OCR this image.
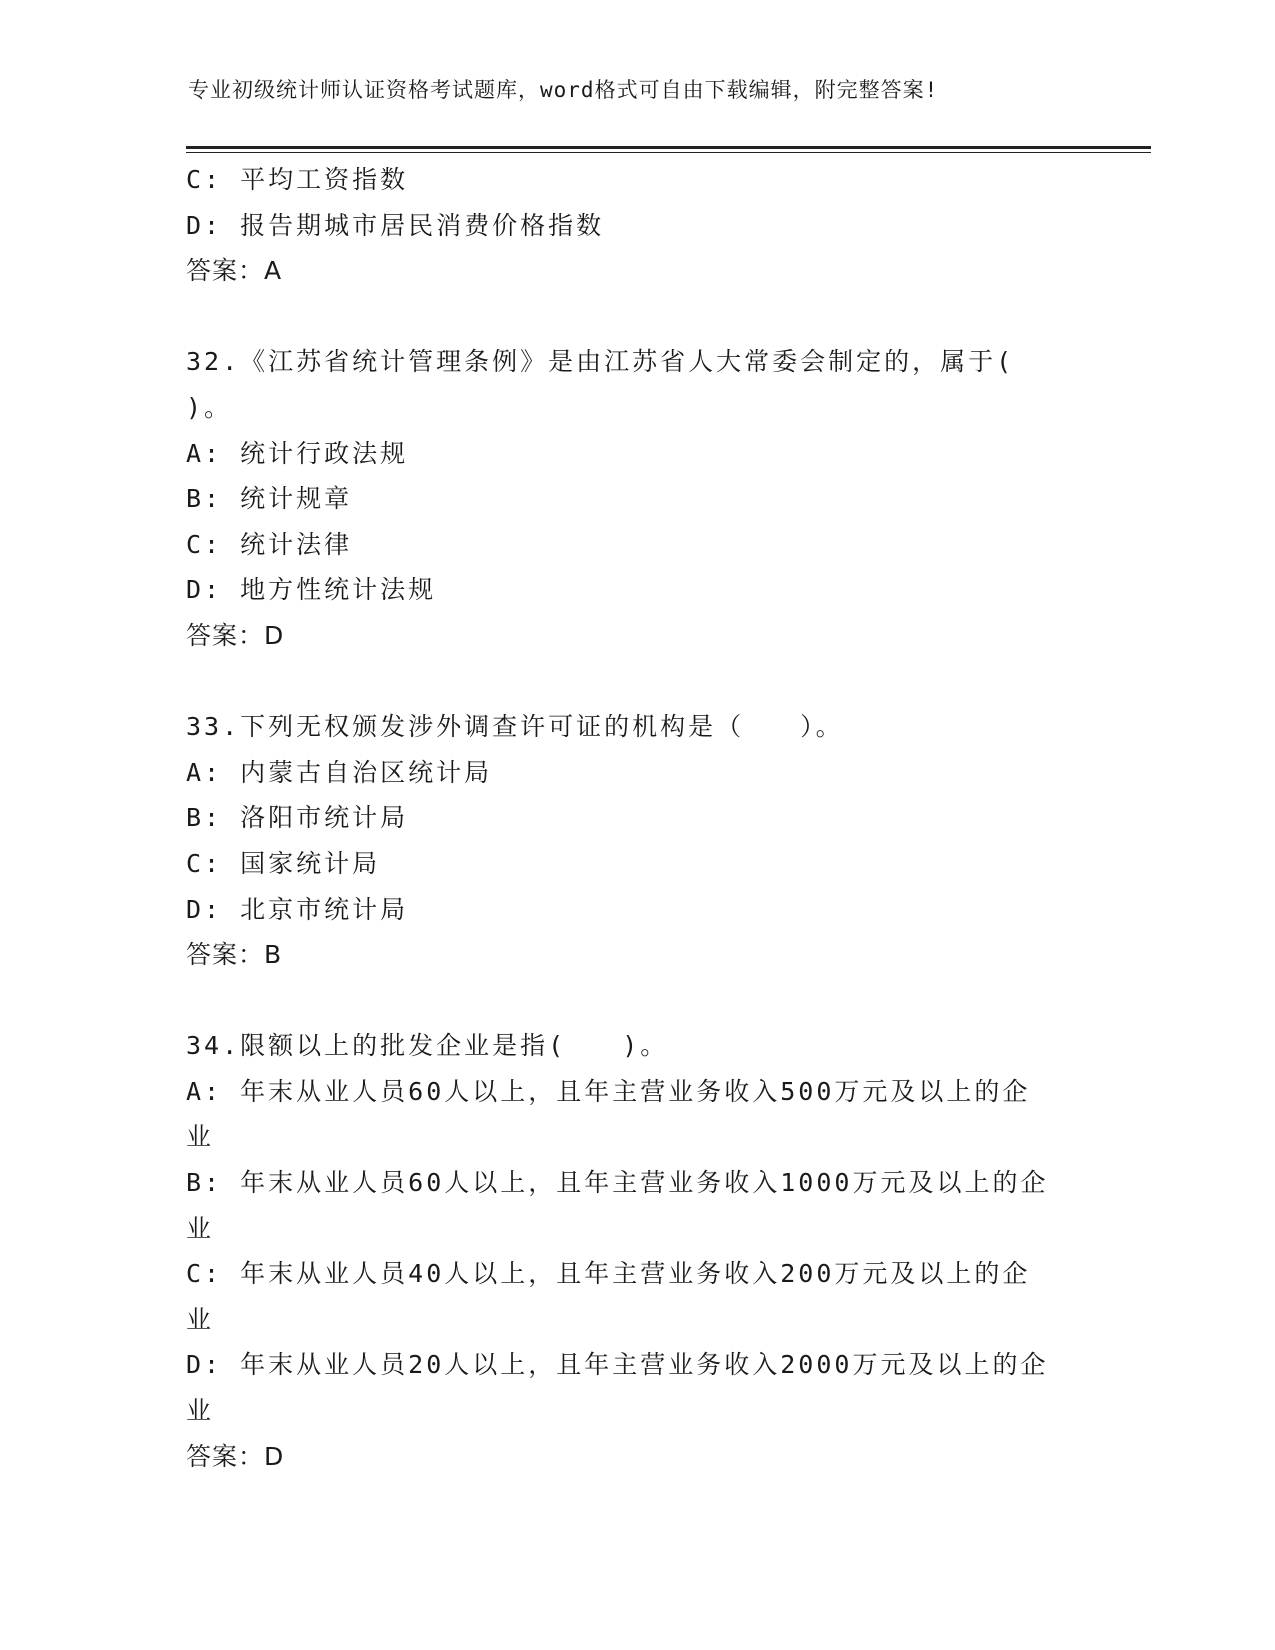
专业初级统计师认证资格考试题库，word格式可自由下载编辑，附完整答案!
C: 平均工资指数
D: 报告期城市居民消费价格指数
答案：A
32.《江苏省统计管理条例》是由江苏省人大常委会制定的，属于(
)。
A: 统计行政法规
B: 统计规章
C: 统计法律
D: 地方性统计法规
答案：D
33.下列无权颁发涉外调查许可证的机构是（　　）。
A: 内蒙古自治区统计局
B: 洛阳市统计局
C: 国家统计局
D: 北京市统计局
答案：B
34.限额以上的批发企业是指(　　)。
A: 年末从业人员60人以上，且年主营业务收入500万元及以上的企
业
B: 年末从业人员60人以上，且年主营业务收入1000万元及以上的企
业
C: 年末从业人员40人以上，且年主营业务收入200万元及以上的企
业
D: 年末从业人员20人以上，且年主营业务收入2000万元及以上的企
业
答案：D
